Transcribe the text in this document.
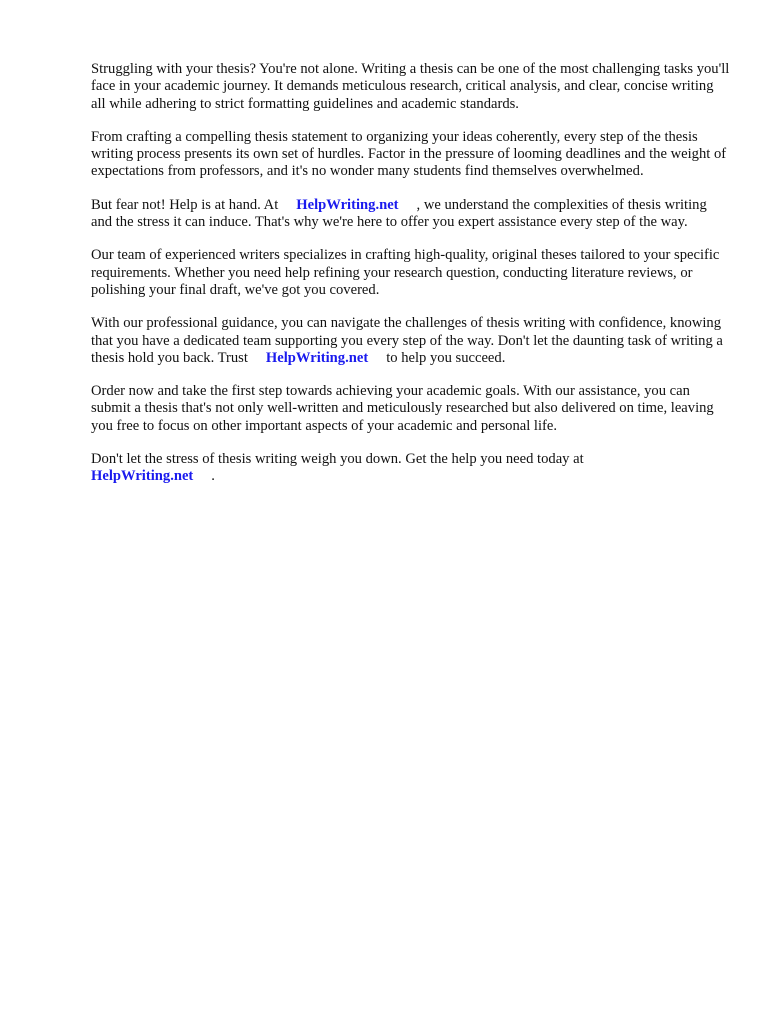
Struggling with your thesis? You're not alone. Writing a thesis can be one of the most challenging tasks you'll face in your academic journey. It demands meticulous research, critical analysis, and clear, concise writing    all while adhering to strict formatting guidelines and academic standards.

From crafting a compelling thesis statement to organizing your ideas coherently, every step of the thesis writing process presents its own set of hurdles. Factor in the pressure of looming deadlines and the weight of expectations from professors, and it's no wonder many students find themselves overwhelmed.

But fear not! Help is at hand. At HelpWriting.net , we understand the complexities of thesis writing and the stress it can induce. That's why we're here to offer you expert assistance every step of the way.

Our team of experienced writers specializes in crafting high-quality, original theses tailored to your specific requirements. Whether you need help refining your research question, conducting literature reviews, or polishing your final draft, we've got you covered.

With our professional guidance, you can navigate the challenges of thesis writing with confidence, knowing that you have a dedicated team supporting you every step of the way. Don't let the daunting task of writing a thesis hold you back. Trust HelpWriting.net to help you succeed.

Order now and take the first step towards achieving your academic goals. With our assistance, you can submit a thesis that's not only well-written and meticulously researched but also delivered on time, leaving you free to focus on other important aspects of your academic and personal life.

Don't let the stress of thesis writing weigh you down. Get the help you need today at
HelpWriting.net .
